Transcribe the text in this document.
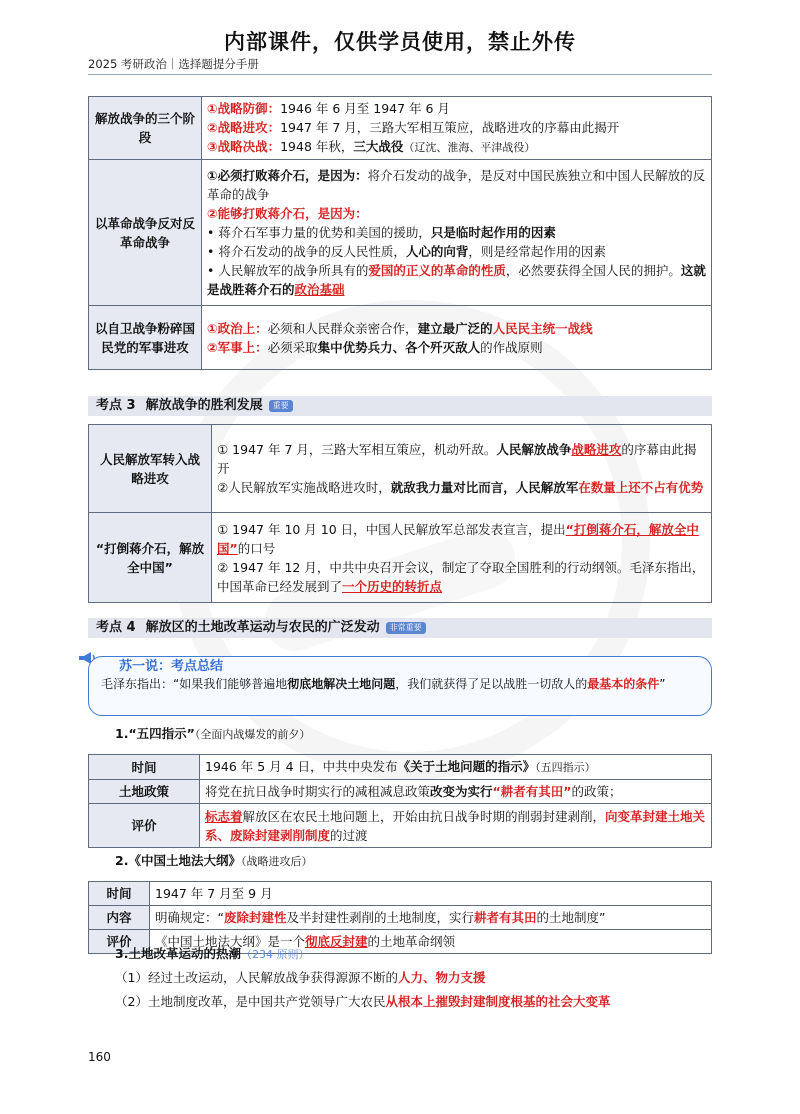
内部课件，仅供学员使用，禁止外传
2025 考研政治｜选择题提分手册
解放战争的三个阶段	①战略防御：1946 年 6 月至 1947 年 6 月
②战略进攻：1947 年 7 月，三路大军相互策应，战略进攻的序幕由此揭开
③战略决战：1948 年秋，三大战役（辽沈、淮海、平津战役）

以革命战争反对反革命战争	①必须打败蒋介石，是因为：将介石发动的战争，是反对中国民族独立和中国人民解放的反革命的战争
②能够打败蒋介石，是因为：
• 蒋介石军事力量的优势和美国的援助，只是临时起作用的因素
• 将介石发动的战争的反人民性质，人心的向背，则是经常起作用的因素
• 人民解放军的战争所具有的爱国的正义的革命的性质，必然要获得全国人民的拥护。这就是战胜蒋介石的政治基础

以自卫战争粉碎国民党的军事进攻	①政治上：必须和人民群众亲密合作，建立最广泛的人民民主统一战线
②军事上：必须采取集中优势兵力、各个歼灭敌人的作战原则
考点 3 解放战争的胜利发展 重要
人民解放军转入战略进攻	① 1947 年 7 月，三路大军相互策应，机动歼敌。人民解放战争战略进攻的序幕由此揭开
②人民解放军实施战略进攻时，就敌我力量对比而言，人民解放军在数量上还不占有优势
“打倒蒋介石，解放全中国”	① 1947 年 10 月 10 日，中国人民解放军总部发表宣言，提出“打倒蒋介石，解放全中国”的口号
② 1947 年 12 月，中共中央召开会议，制定了夺取全国胜利的行动纲领。毛泽东指出，中国革命已经发展到了一个历史的转折点
考点 4 解放区的土地改革运动与农民的广泛发动 非常重要
苏一说：考点总结
毛泽东指出：“如果我们能够普遍地彻底地解决土地问题，我们就获得了足以战胜一切敌人的最基本的条件”
1.“五四指示”（全面内战爆发的前夕）
时间	1946 年 5 月 4 日，中共中央发布《关于土地问题的指示》（五四指示）
土地政策	将党在抗日战争时期实行的减租减息政策改变为实行“耕者有其田”的政策；
评价	标志着解放区在农民土地问题上，开始由抗日战争时期的削弱封建剥削，向变革封建土地关系、废除封建剥削制度的过渡
2.《中国土地法大纲》（战略进攻后）
时间	1947 年 7 月至 9 月
内容	明确规定：“废除封建性及半封建性剥削的土地制度，实行耕者有其田的土地制度”
评价	《中国土地法大纲》是一个彻底反封建的土地革命纲领
3.土地改革运动的热潮（234 原则）
（1）经过土改运动，人民解放战争获得源源不断的人力、物力支援
（2）土地制度改革，是中国共产党领导广大农民从根本上摧毁封建制度根基的社会大变革
160
